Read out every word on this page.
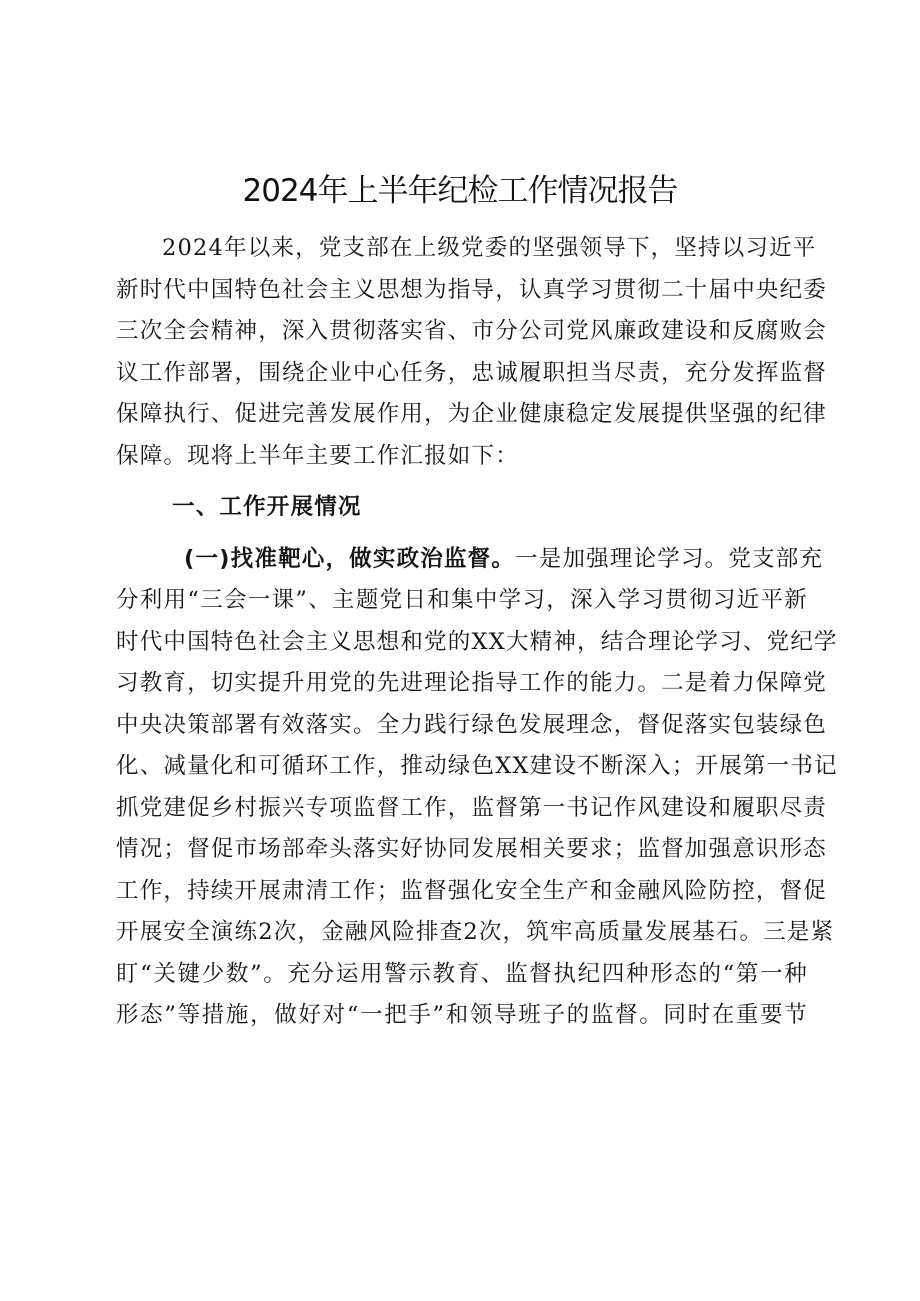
2024年上半年纪检工作情况报告
2024年以来，党支部在上级党委的坚强领导下，坚持以习近平
新时代中国特色社会主义思想为指导，认真学习贯彻二十届中央纪委
三次全会精神，深入贯彻落实省、市分公司党风廉政建设和反腐败会
议工作部署，围绕企业中心任务，忠诚履职担当尽责，充分发挥监督
保障执行、促进完善发展作用，为企业健康稳定发展提供坚强的纪律
保障。现将上半年主要工作汇报如下：
一、工作开展情况
(一)找准靶心，做实政治监督。一是加强理论学习。党支部充
分利用“三会一课”、主题党日和集中学习，深入学习贯彻习近平新
时代中国特色社会主义思想和党的XX大精神，结合理论学习、党纪学
习教育，切实提升用党的先进理论指导工作的能力。二是着力保障党
中央决策部署有效落实。全力践行绿色发展理念，督促落实包装绿色
化、减量化和可循环工作，推动绿色XX建设不断深入；开展第一书记
抓党建促乡村振兴专项监督工作，监督第一书记作风建设和履职尽责
情况；督促市场部牵头落实好协同发展相关要求；监督加强意识形态
工作，持续开展肃清工作；监督强化安全生产和金融风险防控，督促
开展安全演练2次，金融风险排查2次，筑牢高质量发展基石。三是紧
盯“关键少数”。充分运用警示教育、监督执纪四种形态的“第一种
形态”等措施，做好对“一把手”和领导班子的监督。同时在重要节
